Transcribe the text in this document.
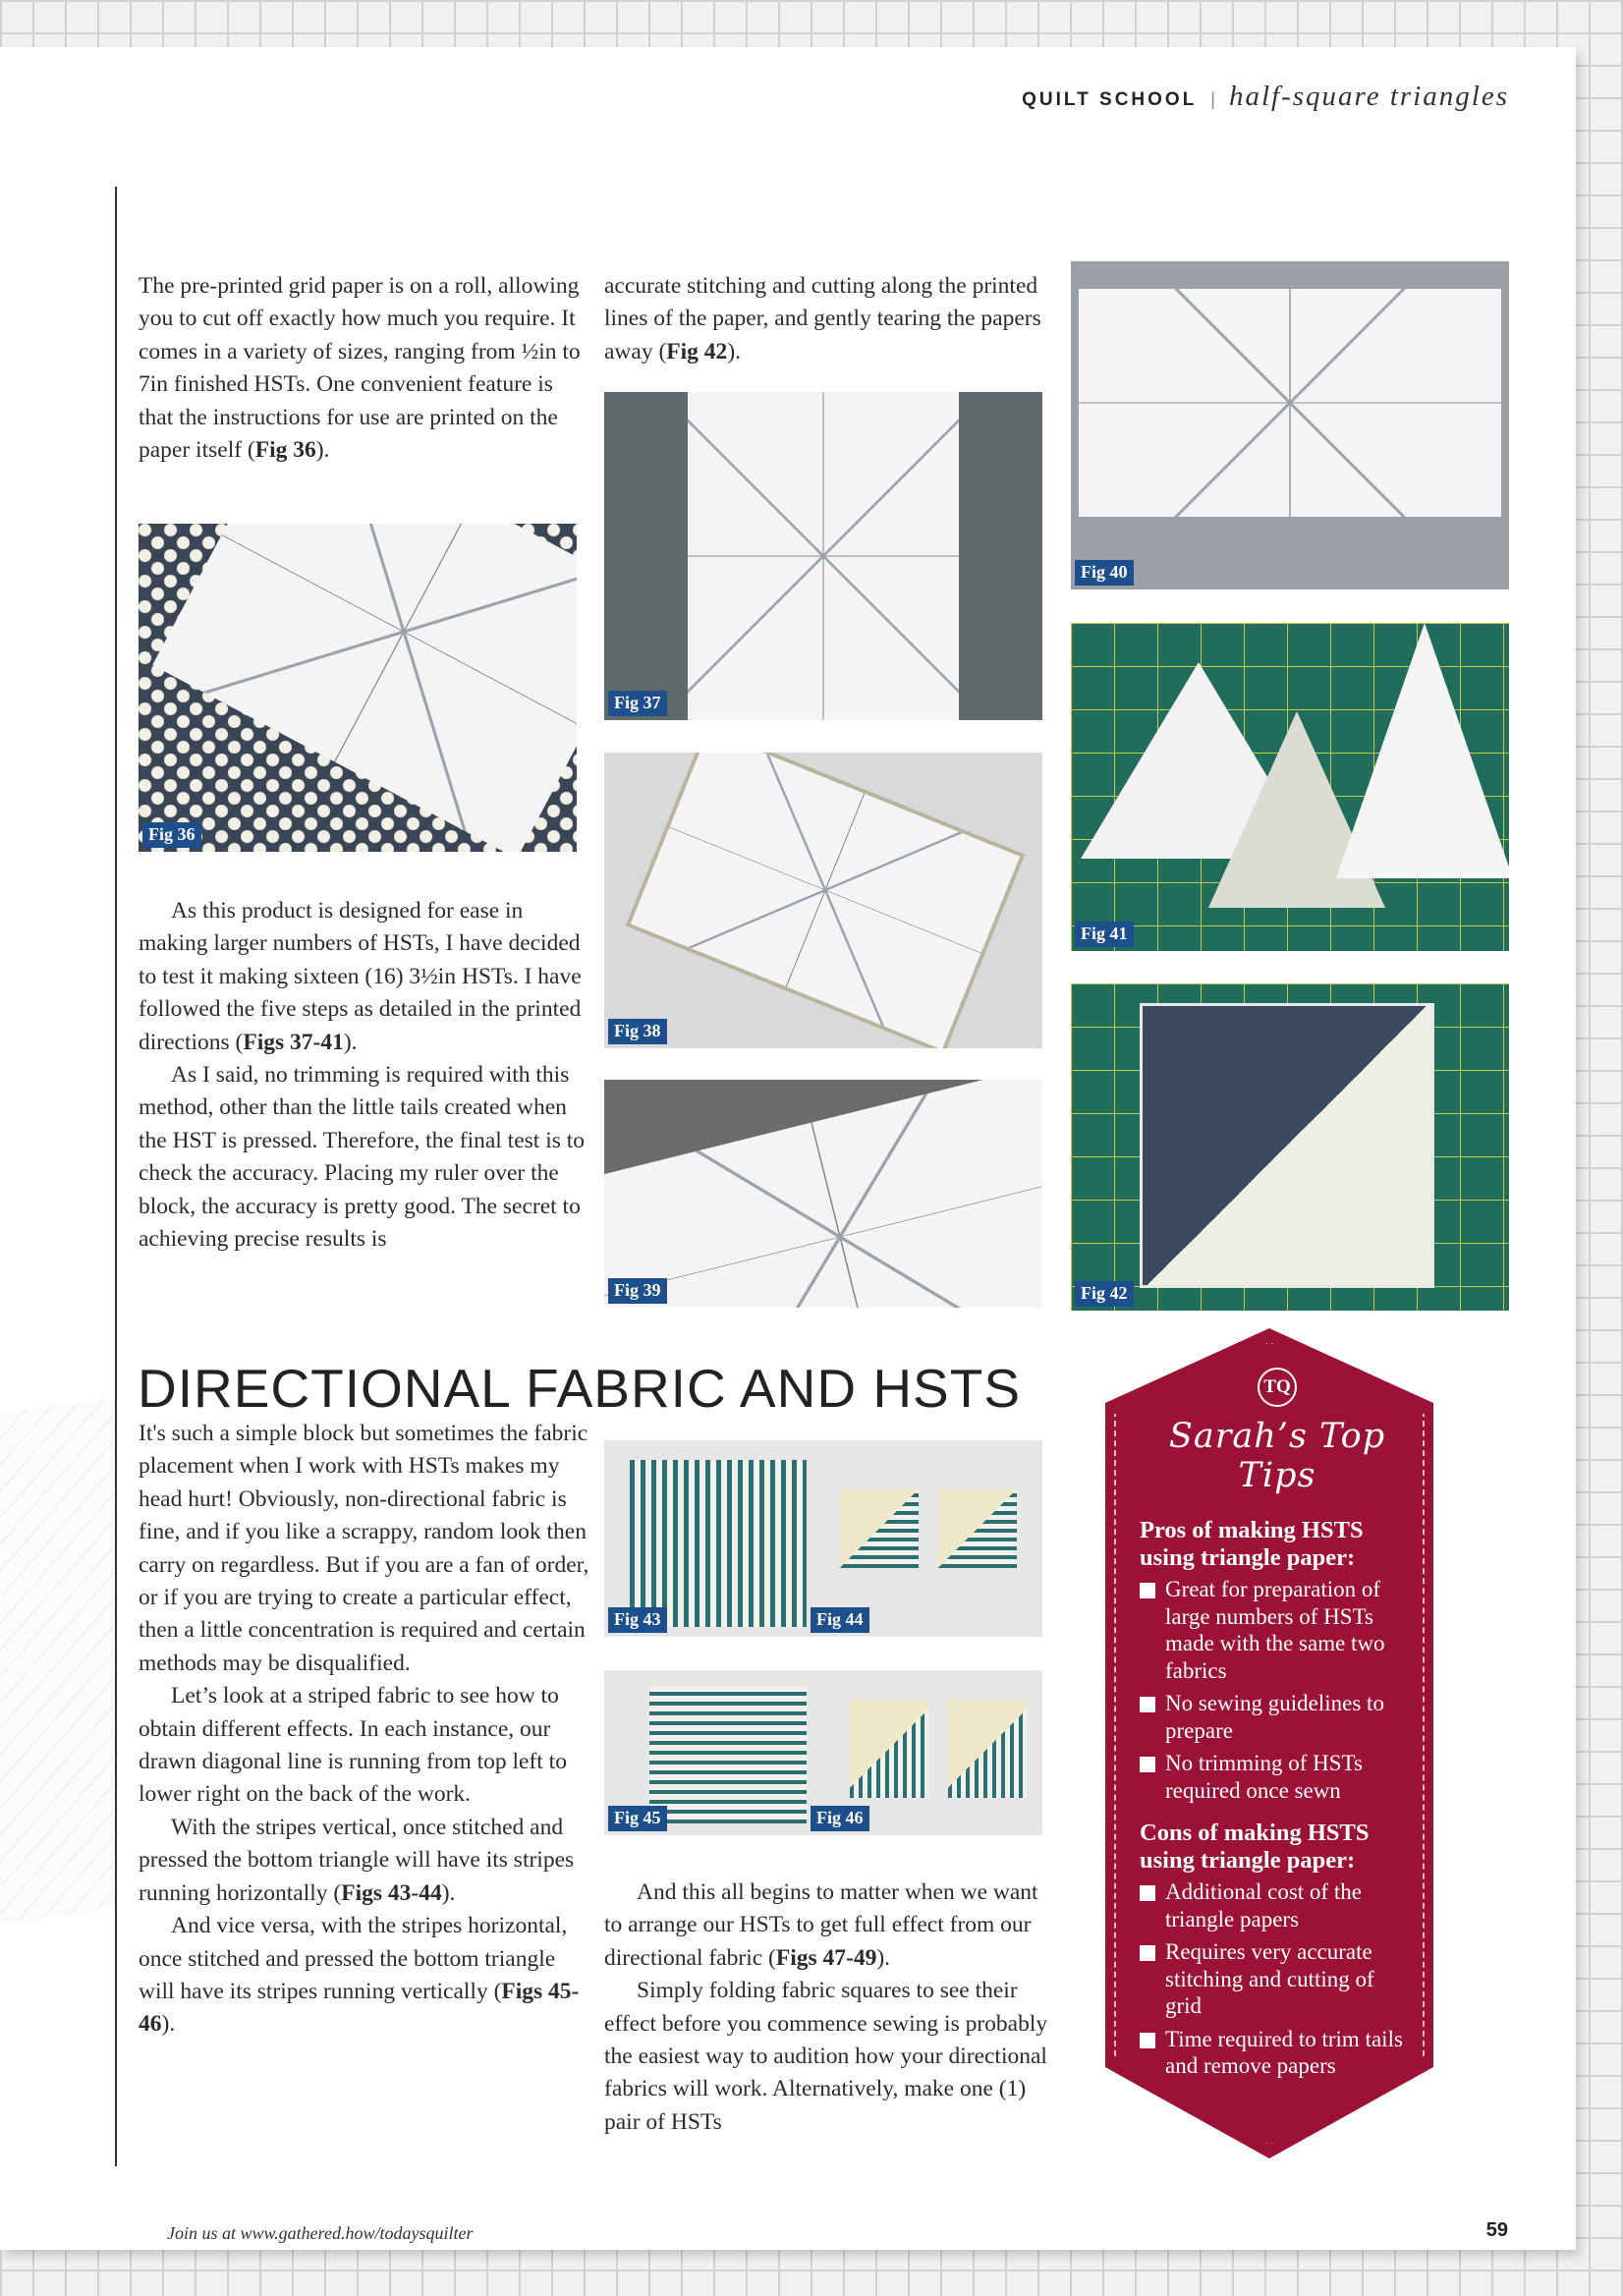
QUILT SCHOOL | half-square triangles

The pre-printed grid paper is on a roll, allowing you to cut off exactly how much you require. It comes in a variety of sizes, ranging from ½in to 7in finished HSTs. One convenient feature is that the instructions for use are printed on the paper itself (Fig 36).

Fig 36

As this product is designed for ease in making larger numbers of HSTs, I have decided to test it making sixteen (16) 3½in HSTs. I have followed the five steps as detailed in the printed directions (Figs 37-41).

As I said, no trimming is required with this method, other than the little tails created when the HST is pressed. Therefore, the final test is to check the accuracy. Placing my ruler over the block, the accuracy is pretty good. The secret to achieving precise results is

accurate stitching and cutting along the printed lines of the paper, and gently tearing the papers away (Fig 42).

Fig 37
Fig 38
Fig 39
Fig 40
Fig 41
Fig 42
DIRECTIONAL FABRIC AND HSTS

It's such a simple block but sometimes the fabric placement when I work with HSTs makes my head hurt! Obviously, non-directional fabric is fine, and if you like a scrappy, random look then carry on regardless. But if you are a fan of order, or if you are trying to create a particular effect, then a little concentration is required and certain methods may be disqualified.

Let’s look at a striped fabric to see how to obtain different effects. In each instance, our drawn diagonal line is running from top left to lower right on the back of the work.

With the stripes vertical, once stitched and pressed the bottom triangle will have its stripes running horizontally (Figs 43-44).

And vice versa, with the stripes horizontal, once stitched and pressed the bottom triangle will have its stripes running vertically (Figs 45-46).

Fig 43	Fig 44
Fig 45	Fig 46

And this all begins to matter when we want to arrange our HSTs to get full effect from our directional fabric (Figs 47-49).

Simply folding fabric squares to see their effect before you commence sewing is probably the easiest way to audition how your directional fabrics will work. Alternatively, make one (1) pair of HSTs

TQ
Sarah’s Top Tips
Pros of making HSTS using triangle paper:
Great for preparation of large numbers of HSTs made with the same two fabrics
No sewing guidelines to prepare
No trimming of HSTs required once sewn
Cons of making HSTS using triangle paper:
Additional cost of the triangle papers
Requires very accurate stitching and cutting of grid
Time required to trim tails and remove papers
Join us at www.gathered.how/todaysquilter	59
